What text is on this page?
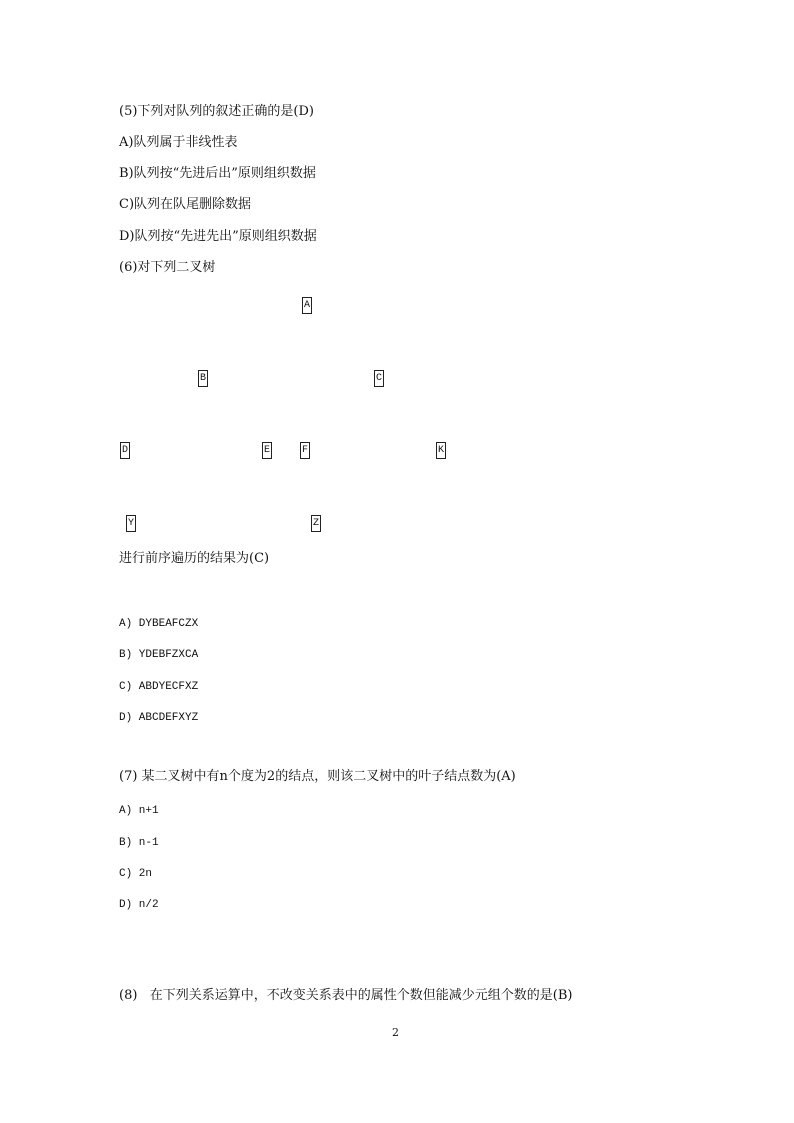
(5)下列对队列的叙述正确的是(D)
A)队列属于非线性表
B)队列按“先进后出”原则组织数据
C)队列在队尾删除数据
D)队列按“先进先出”原则组织数据
(6)对下列二叉树
A
B	C
D	E	F	K
Y	Z
进行前序遍历的结果为(C)
A) DYBEAFCZX
B) YDEBFZXCA
C) ABDYECFXZ
D) ABCDEFXYZ
(7) 某二叉树中有n个度为2的结点，则该二叉树中的叶子结点数为(A)
A) n+1
B) n-1
C) 2n
D) n/2
(8)   在下列关系运算中，不改变关系表中的属性个数但能减少元组个数的是(B)
2
